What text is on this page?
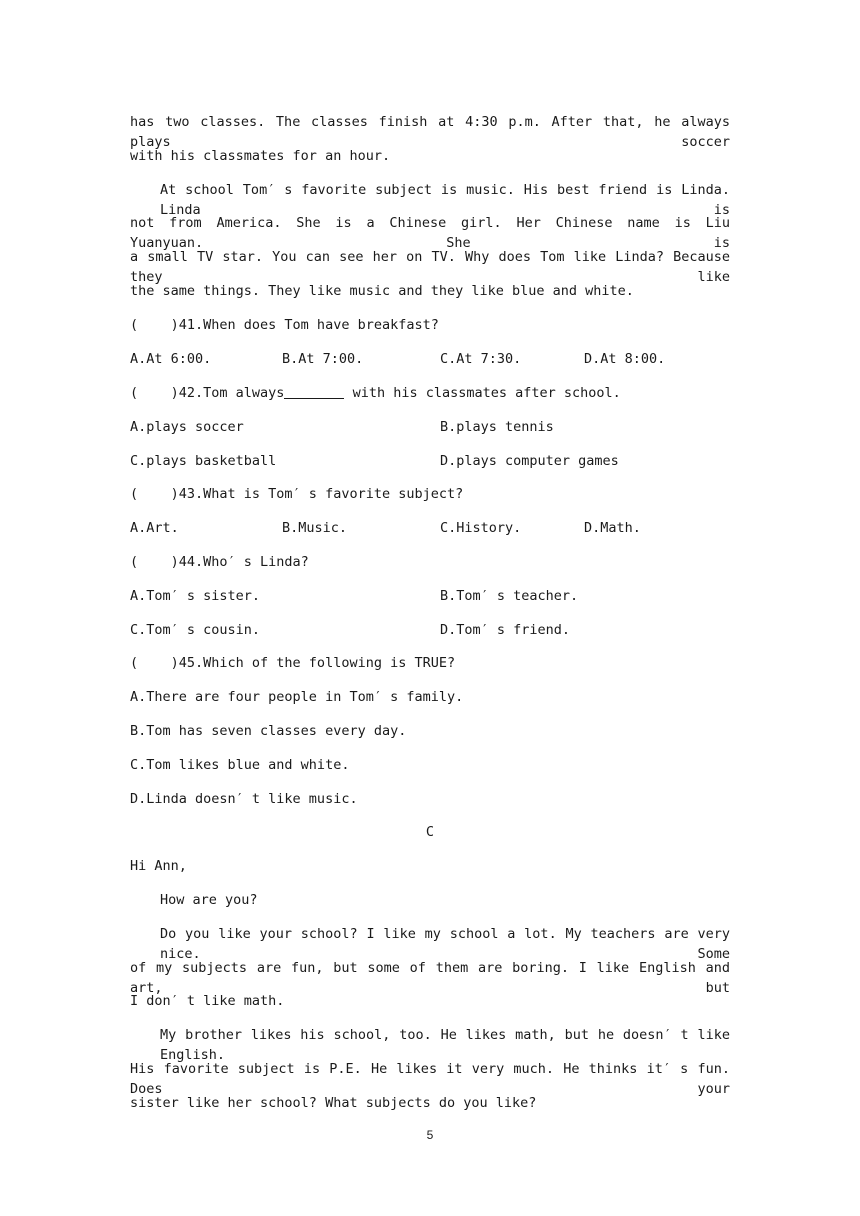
has two classes. The classes finish at 4:30 p.m. After that, he always plays soccer
with his classmates for an hour.
At school Tom′ s favorite subject is music. His best friend is Linda. Linda is
not from America. She is a Chinese girl. Her Chinese name is Liu Yuanyuan. She is
a small TV star. You can see her on TV. Why does Tom like Linda? Because they like
the same things. They like music and they like blue and white.
(    )41.When does Tom have breakfast?
A.At 6:00.	B.At 7:00.	C.At 7:30.	D.At 8:00.
(    )42.Tom always	with his classmates after school.
A.plays soccer	B.plays tennis
C.plays basketball	D.plays computer games
(    )43.What is Tom′ s favorite subject?
A.Art.	B.Music.	C.History.	D.Math.
(    )44.Who′ s Linda?
A.Tom′ s sister.	B.Tom′ s teacher.
C.Tom′ s cousin.	D.Tom′ s friend.
(    )45.Which of the following is TRUE?
A.There are four people in Tom′ s family.
B.Tom has seven classes every day.
C.Tom likes blue and white.
D.Linda doesn′ t like music.
C
Hi Ann,
How are you?
Do you like your school? I like my school a lot. My teachers are very nice. Some
of my subjects are fun, but some of them are boring. I like English and art, but
I don′ t like math.
My brother likes his school, too. He likes math, but he doesn′ t like English.
His favorite subject is P.E. He likes it very much. He thinks it′ s fun. Does your
sister like her school? What subjects do you like?
5
